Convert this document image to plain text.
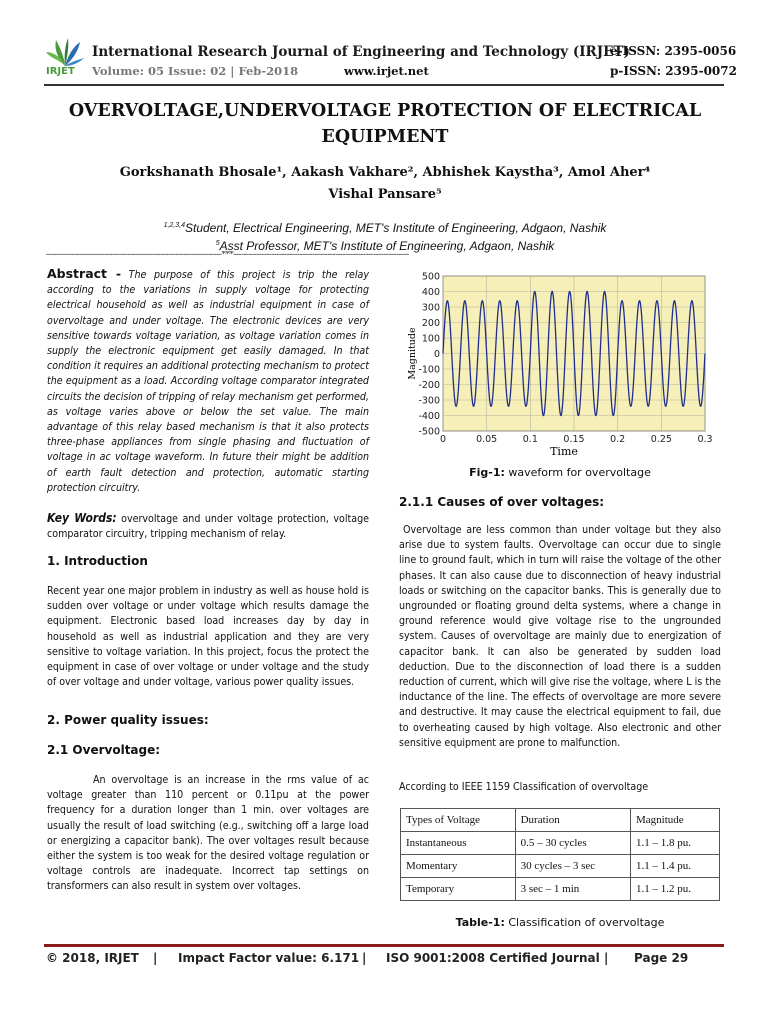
IRJET
International Research Journal of Engineering and Technology (IRJET)
e-ISSN: 2395-0056
Volume: 05 Issue: 02 | Feb-2018	www.irjet.net	p-ISSN: 2395-0072
OVERVOLTAGE,UNDERVOLTAGE PROTECTION OF ELECTRICAL EQUIPMENT
Gorkshanath Bhosale¹, Aakash Vakhare², Abhishek Kaystha³, Amol Aher⁴
Vishal Pansare⁵
$^{1,2,3,4}$Student, Electrical Engineering, MET's Institute of Engineering, Adgaon, Nashik
$^5$Asst Professor, MET's Institute of Engineering, Adgaon, Nashik
---------------------------------------------------------------------***---------------------------------------------------------------------
Abstract - The purpose of this project is trip the relay according to the variations in supply voltage for protecting electrical household as well as industrial equipment in case of overvoltage and under voltage. The electronic devices are very sensitive towards voltage variation, as voltage variation comes in supply the electronic equipment get easily damaged. In that condition it requires an additional protecting mechanism to protect the equipment as a load. According voltage comparator integrated circuits the decision of tripping of relay mechanism get performed, as voltage varies above or below the set value. The main advantage of this relay based mechanism is that it also protects three-phase appliances from single phasing and fluctuation of voltage in ac voltage waveform. In future their might be addition of earth fault detection and protection, automatic starting protection circuitry.
Key Words: overvoltage and under voltage protection, voltage comparator circuitry, tripping mechanism of relay.
1. Introduction
Recent year one major problem in industry as well as house hold is sudden over voltage or under voltage which results damage the equipment. Electronic based load increases day by day in household as well as industrial application and they are very sensitive to voltage variation. In this project, focus the protect the equipment in case of over voltage or under voltage and the study of over voltage and under voltage, various power quality issues.
2. Power quality issues:
2.1 Overvoltage:
An overvoltage is an increase in the rms value of ac voltage greater than 110 percent or 0.11pu at the power frequency for a duration longer than 1 min. over voltages are usually the result of load switching (e.g., switching off a large load or energizing a capacitor bank). The over voltages result because either the system is too weak for the desired voltage regulation or voltage controls are inadequate. Incorrect tap settings on transformers can also result in system over voltages.
500
400
300
200
100
0
-100
-200
-300
-400
-500
0	0.05	0.1	0.15	0.2	0.25	0.3
Time
Magnitude
Fig-1: waveform for overvoltage
2.1.1 Causes of over voltages:
Overvoltage are less common than under voltage but they also arise due to system faults. Overvoltage can occur due to single line to ground fault, which in turn will raise the voltage of the other phases. It can also cause due to disconnection of heavy industrial loads or switching on the capacitor banks. This is generally due to ungrounded or floating ground delta systems, where a change in ground reference would give voltage rise to the ungrounded system. Causes of overvoltage are mainly due to energization of capacitor bank. It can also be generated by sudden load deduction. Due to the disconnection of load there is a sudden reduction of current, which will give rise the voltage, where L is the inductance of the line. The effects of overvoltage are more severe and destructive. It may cause the electrical equipment to fail, due to overheating caused by high voltage. Also electronic and other sensitive equipment are prone to malfunction.
According to IEEE 1159 Classification of overvoltage
Types of Voltage	Duration	Magnitude
Instantaneous	0.5 – 30 cycles	1.1 – 1.8 pu.
Momentary	30 cycles – 3 sec	1.1 – 1.4 pu.
Temporary	3 sec – 1 min	1.1 – 1.2 pu.
Table-1: Classification of overvoltage
© 2018, IRJET | Impact Factor value: 6.171 | ISO 9001:2008 Certified Journal | Page 29
